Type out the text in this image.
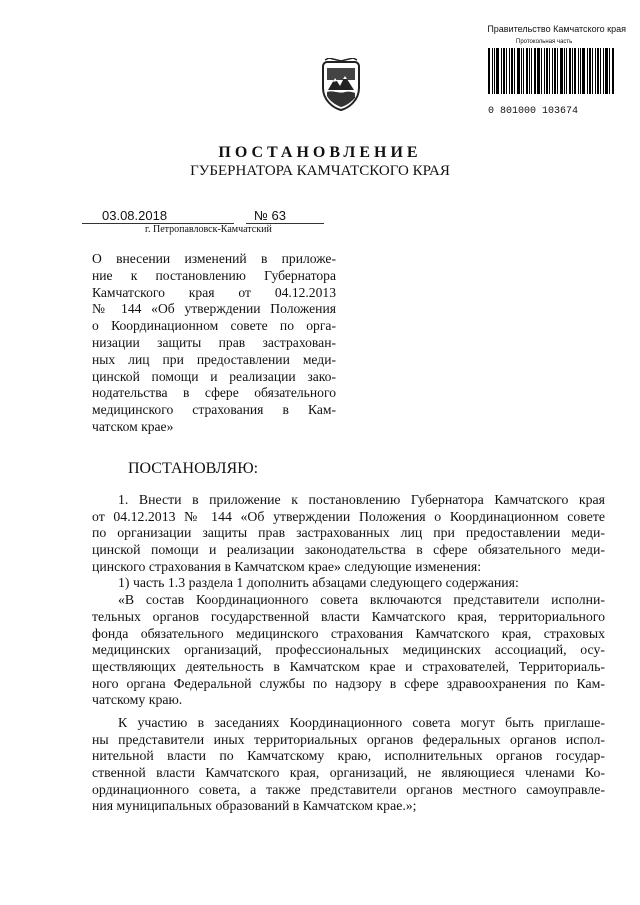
Правительство Камчатского края
Протокольная часть
0 801000 103674
ПОСТАНОВЛЕНИЕ
ГУБЕРНАТОРА КАМЧАТСКОГО КРАЯ
03.08.2018	№ 63
г. Петропавловск-Камчатский
О внесении изменений в приложе-
ние к постановлению Губернатора
Камчатского края от 04.12.2013
№ 144 «Об утверждении Положения
о Координационном совете по орга-
низации защиты прав застрахован-
ных лиц при предоставлении меди-
цинской помощи и реализации зако-
нодательства в сфере обязательного
медицинского страхования в Кам-
чатском крае»
ПОСТАНОВЛЯЮ:
1. Внести в приложение к постановлению Губернатора Камчатского края
от 04.12.2013 № 144 «Об утверждении Положения о Координационном совете
по организации защиты прав застрахованных лиц при предоставлении меди-
цинской помощи и реализации законодательства в сфере обязательного меди-
цинского страхования в Камчатском крае» следующие изменения:
1) часть 1.3 раздела 1 дополнить абзацами следующего содержания:
«В состав Координационного совета включаются представители исполни-
тельных органов государственной власти Камчатского края, территориального
фонда обязательного медицинского страхования Камчатского края, страховых
медицинских организаций, профессиональных медицинских ассоциаций, осу-
ществляющих деятельность в Камчатском крае и страхователей, Территориаль-
ного органа Федеральной службы по надзору в сфере здравоохранения по Кам-
чатскому краю.
К участию в заседаниях Координационного совета могут быть приглаше-
ны представители иных территориальных органов федеральных органов испол-
нительной власти по Камчатскому краю, исполнительных органов государ-
ственной власти Камчатского края, организаций, не являющиеся членами Ко-
ординационного совета, а также представители органов местного самоуправле-
ния муниципальных образований в Камчатском крае.»;
